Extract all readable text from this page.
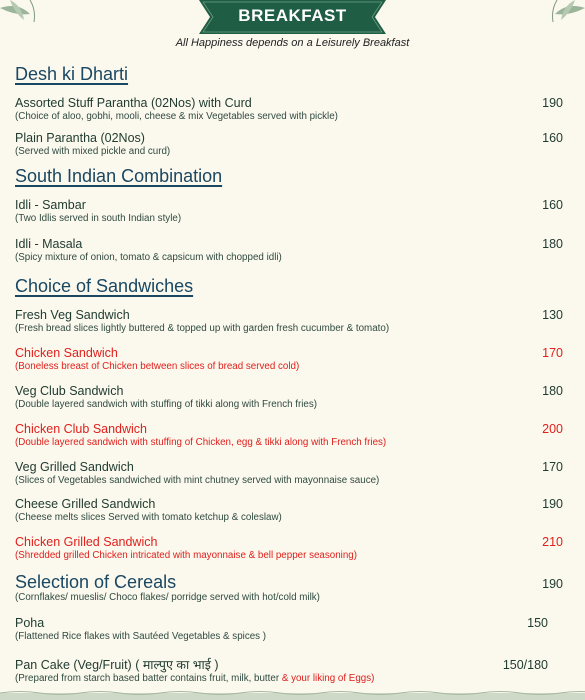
BREAKFAST
All Happiness depends on a Leisurely Breakfast
Desh ki Dharti
Assorted Stuff Parantha (02Nos) with Curd
(Choice of aloo, gobhi, mooli, cheese & mix Vegetables served with pickle)
190
Plain Parantha (02Nos)
(Served with mixed pickle and curd)
160
South Indian Combination
Idli - Sambar
(Two Idlis served in south Indian style)
160
Idli - Masala
(Spicy mixture of onion, tomato & capsicum with chopped idli)
180
Choice of Sandwiches
Fresh Veg Sandwich
(Fresh bread slices lightly buttered & topped up with garden fresh cucumber & tomato)
130
Chicken Sandwich
(Boneless breast of Chicken between slices of bread served cold)
170
Veg Club Sandwich
(Double layered sandwich with stuffing of tikki along with French fries)
180
Chicken Club Sandwich
(Double layered sandwich with stuffing of Chicken, egg & tikki along with French fries)
200
Veg Grilled Sandwich
(Slices of Vegetables sandwiched with mint chutney served with mayonnaise sauce)
170
Cheese Grilled Sandwich
(Cheese melts slices Served with tomato ketchup & coleslaw)
190
Chicken Grilled Sandwich
(Shredded grilled Chicken intricated with mayonnaise & bell pepper seasoning)
210
Selection of Cereals	190
(Cornflakes/ mueslis/ Choco flakes/ porridge served with hot/cold milk)
Poha
(Flattened Rice flakes with Sautéed Vegetables & spices )
150
Pan Cake (Veg/Fruit) ( माल्पुए का भाई )
(Prepared from starch based batter contains fruit, milk, butter & your liking of Eggs)
150/180
